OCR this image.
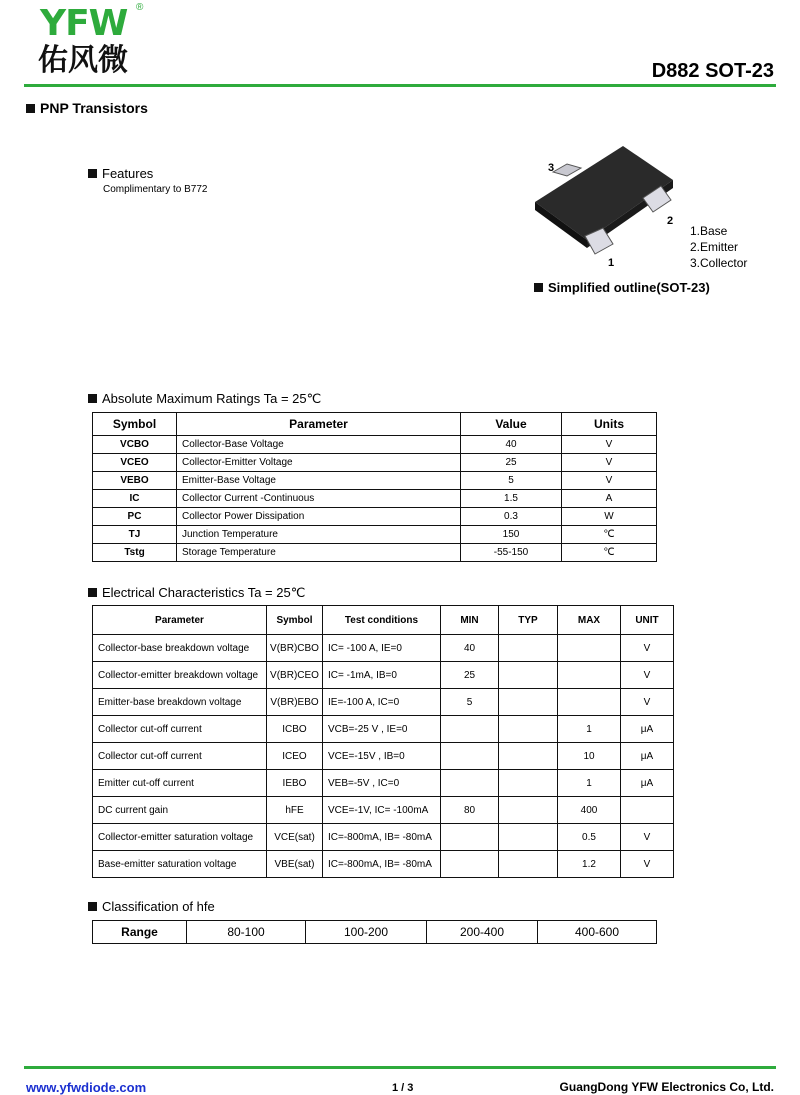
YFW ®
佑风微	D882 SOT-23
PNP Transistors
Features
Complimentary to B772
3
2
1
1.Base
2.Emitter
3.Collector
Simplified outline(SOT-23)
Absolute Maximum Ratings Ta = 25℃
Symbol	Parameter	Value	Units
VCBO	Collector-Base Voltage	40	V
VCEO	Collector-Emitter Voltage	25	V
VEBO	Emitter-Base Voltage	5	V
IC	Collector Current -Continuous	1.5	A
PC	Collector Power Dissipation	0.3	W
TJ	Junction Temperature	150	℃
Tstg	Storage Temperature	-55-150	℃
Electrical Characteristics Ta = 25℃
Parameter	Symbol	Test conditions	MIN	TYP	MAX	UNIT
Collector-base breakdown voltage	V(BR)CBO	IC= -100 A, IE=0	40			V
Collector-emitter breakdown voltage	V(BR)CEO	IC= -1mA, IB=0	25			V
Emitter-base breakdown voltage	V(BR)EBO	IE=-100 A, IC=0	5			V
Collector cut-off current	ICBO	VCB=-25 V , IE=0			1	μA
Collector cut-off current	ICEO	VCE=-15V , IB=0			10	μA
Emitter cut-off current	IEBO	VEB=-5V , IC=0			1	μA
DC current gain	hFE	VCE=-1V, IC= -100mA	80		400	
Collector-emitter saturation voltage	VCE(sat)	IC=-800mA, IB= -80mA			0.5	V
Base-emitter saturation voltage	VBE(sat)	IC=-800mA, IB= -80mA			1.2	V
Classification of hfe
Range	80-100	100-200	200-400	400-600
www.yfwdiode.com	1 / 3	GuangDong YFW Electronics Co, Ltd.
